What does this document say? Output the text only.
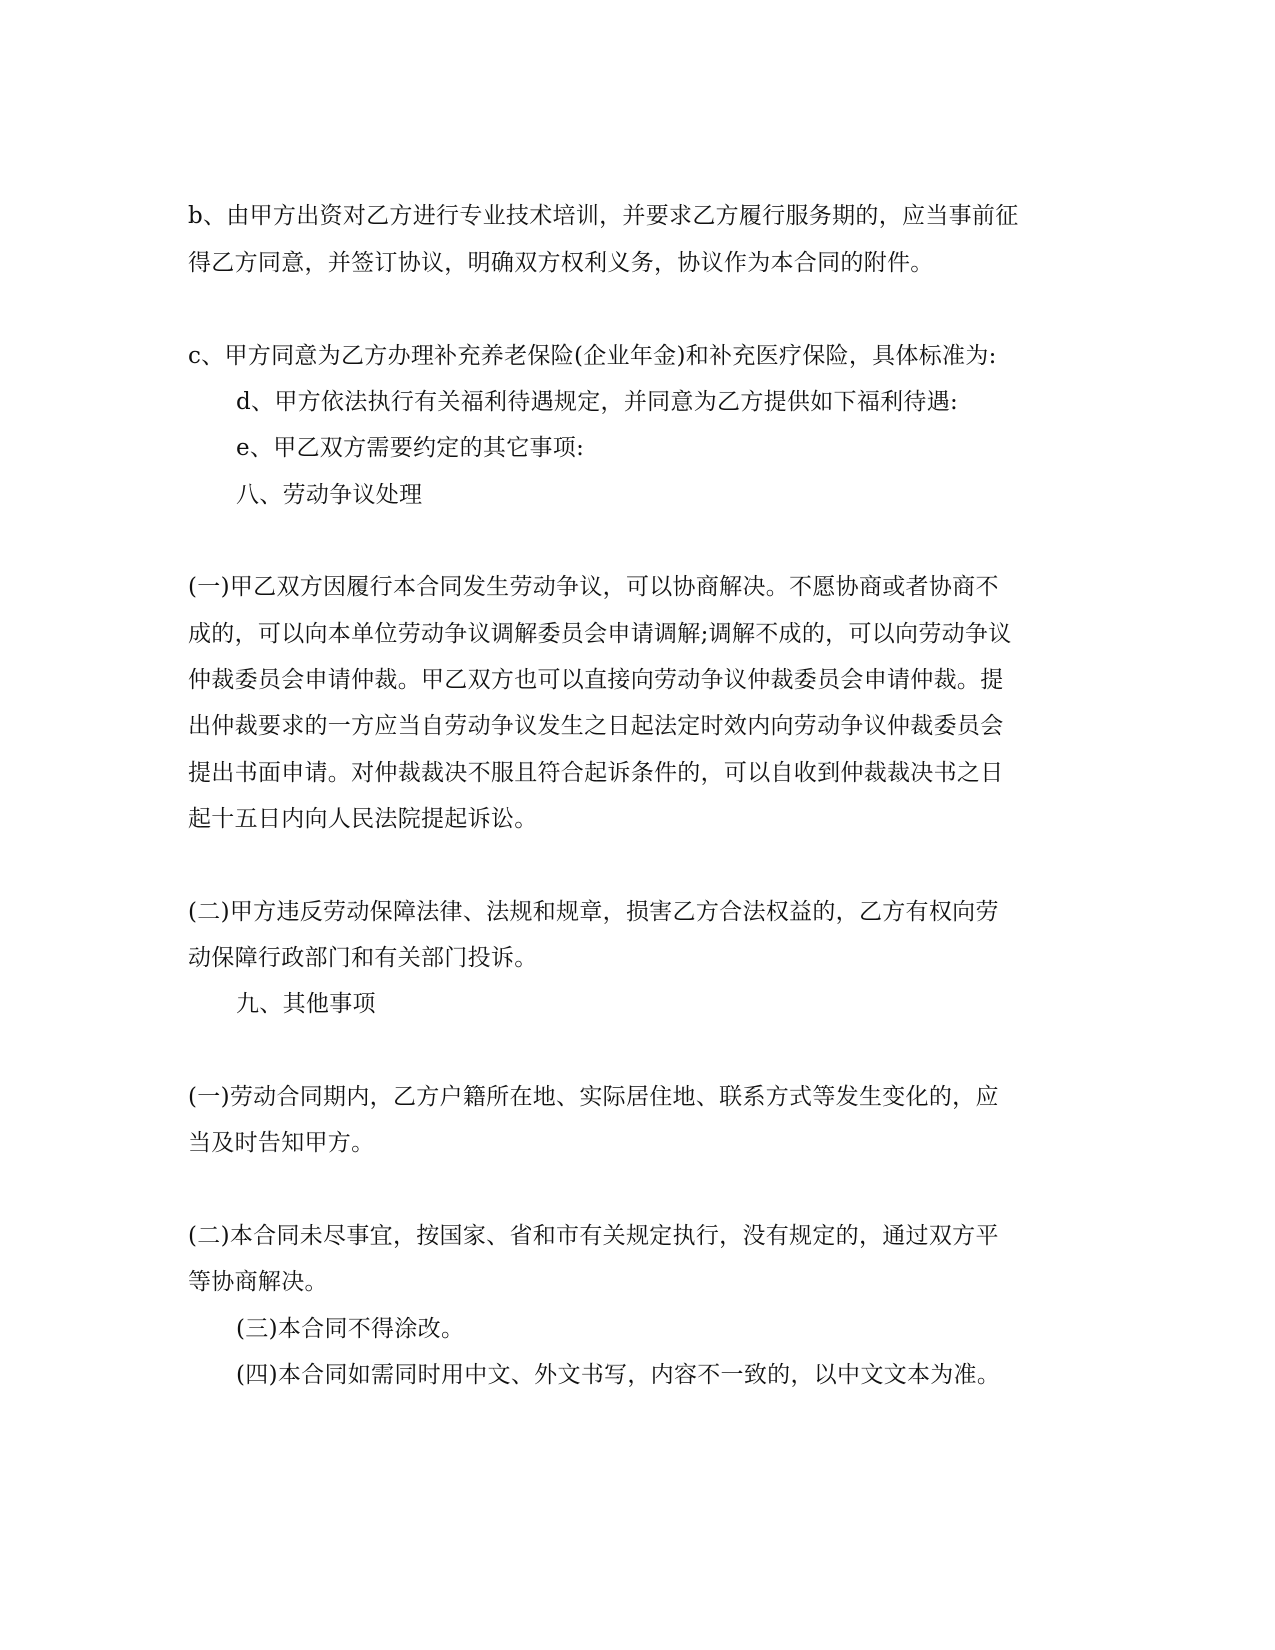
b、由甲方出资对乙方进行专业技术培训，并要求乙方履行服务期的，应当事前征
得乙方同意，并签订协议，明确双方权利义务，协议作为本合同的附件。
c、甲方同意为乙方办理补充养老保险(企业年金)和补充医疗保险，具体标准为:
d、甲方依法执行有关福利待遇规定，并同意为乙方提供如下福利待遇:
e、甲乙双方需要约定的其它事项:
八、劳动争议处理
(一)甲乙双方因履行本合同发生劳动争议，可以协商解决。不愿协商或者协商不
成的，可以向本单位劳动争议调解委员会申请调解;调解不成的，可以向劳动争议
仲裁委员会申请仲裁。甲乙双方也可以直接向劳动争议仲裁委员会申请仲裁。提
出仲裁要求的一方应当自劳动争议发生之日起法定时效内向劳动争议仲裁委员会
提出书面申请。对仲裁裁决不服且符合起诉条件的，可以自收到仲裁裁决书之日
起十五日内向人民法院提起诉讼。
(二)甲方违反劳动保障法律、法规和规章，损害乙方合法权益的，乙方有权向劳
动保障行政部门和有关部门投诉。
九、其他事项
(一)劳动合同期内，乙方户籍所在地、实际居住地、联系方式等发生变化的，应
当及时告知甲方。
(二)本合同未尽事宜，按国家、省和市有关规定执行，没有规定的，通过双方平
等协商解决。
(三)本合同不得涂改。
(四)本合同如需同时用中文、外文书写，内容不一致的，以中文文本为准。
